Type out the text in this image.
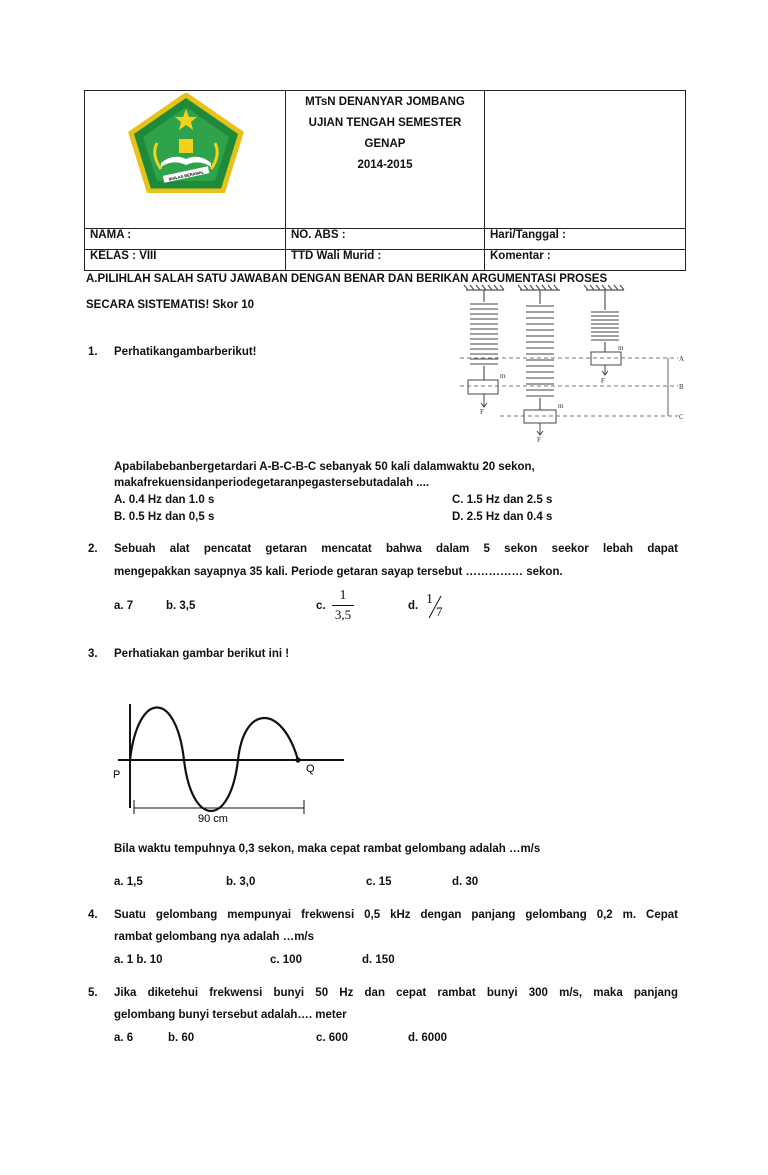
IKHLAS BERAMAL	MTsN DENANYAR JOMBANG
UJIAN TENGAH SEMESTER
GENAP
2014-2015	

NAMA :	NO. ABS :	Hari/Tanggal :
KELAS : VIII	TTD Wali Murid :	Komentar :
A.PILIHLAH SALAH SATU JAWABAN DENGAN BENAR DAN BERIKAN ARGUMENTASI PROSES
SECARA SISTEMATIS! Skor 10
m
m
m
F
F
F
A
B
C
1. Perhatikangambarberikut!
Apabilabebanbergetardari A-B-C-B-C sebanyak 50 kali dalamwaktu 20 sekon,
makafrekuensidanperiodegetaranpegastersebutadalah ....
A. 0.4 Hz dan 1.0 s	C. 1.5 Hz dan 2.5 s
B. 0.5 Hz dan 0,5 s	D. 2.5 Hz dan 0.4 s
2. Sebuah alat pencatat getaran mencatat bahwa dalam 5 sekon seekor lebah dapat
mengepakkan sayapnya 35 kali. Periode getaran sayap tersebut …………… sekon.
a. 7	b. 3,5	c.
1
3,5
d. 1
7
3. Perhatiakan gambar berikut ini !
P	Q
90 cm
Bila waktu tempuhnya 0,3 sekon, maka cepat rambat gelombang adalah …m/s
a. 1,5	b. 3,0	c. 15	d. 30
4. Suatu gelombang mempunyai frekwensi 0,5 kHz dengan panjang gelombang 0,2 m. Cepat
rambat gelombang nya adalah …m/s
a. 1 b. 10	c. 100	d. 150
5. Jika diketehui frekwensi bunyi 50 Hz dan cepat rambat bunyi 300 m/s, maka panjang
gelombang bunyi tersebut adalah…. meter
a. 6	b. 60	c. 600	d. 6000
